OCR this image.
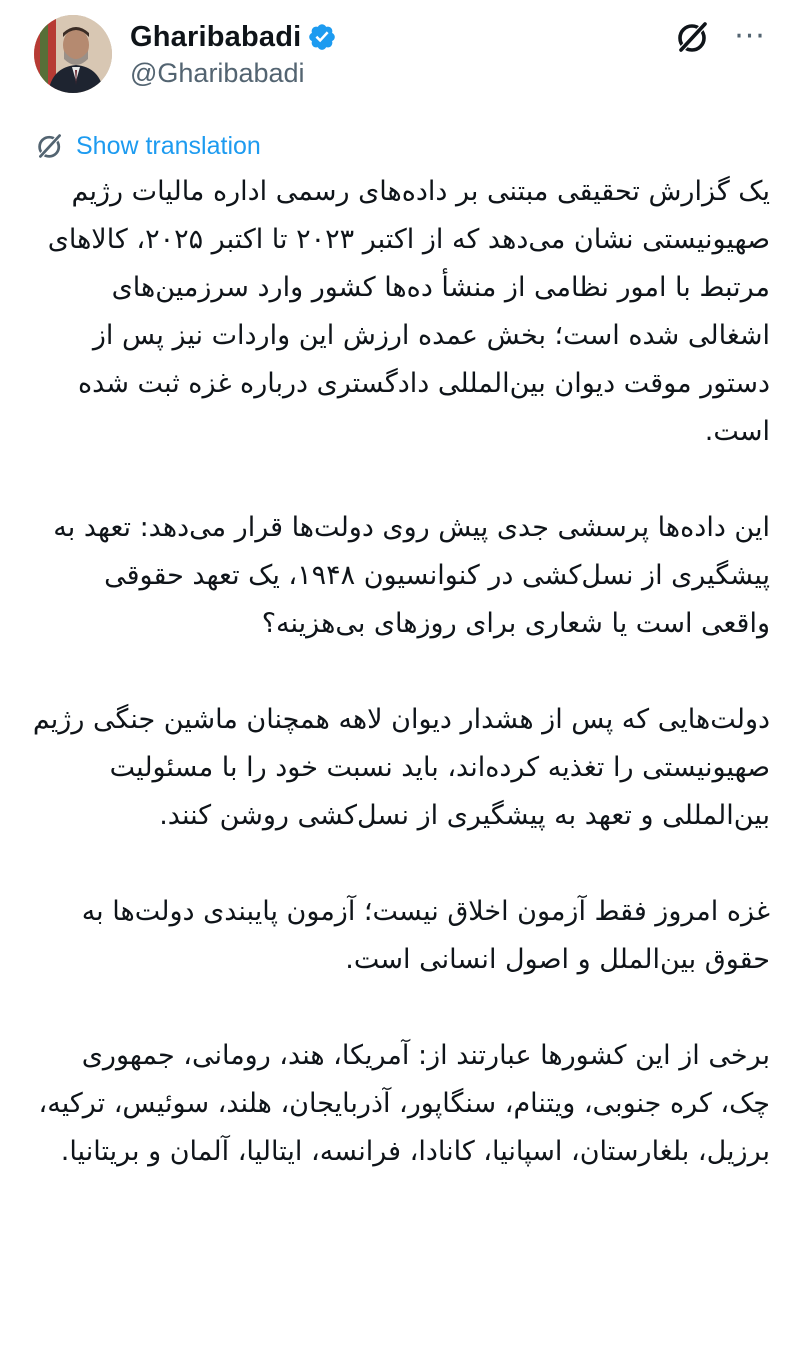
Gharibabadi
@Gharibabadi
···
Show translation

یک گزارش تحقیقی مبتنی بر داده‌های رسمی اداره مالیات رژیم صهیونیستی نشان می‌دهد که از اکتبر ۲۰۲۳ تا اکتبر ۲۰۲۵، کالاهای مرتبط با امور نظامی از منشأ ده‌ها کشور وارد سرزمین‌های اشغالی شده است؛ بخش عمده ارزش این واردات نیز پس از دستور موقت دیوان بین‌المللی دادگستری درباره غزه ثبت شده است.

این داده‌ها پرسشی جدی پیش روی دولت‌ها قرار می‌دهد: تعهد به پیشگیری از نسل‌کشی در کنوانسیون ۱۹۴۸، یک تعهد حقوقی واقعی است یا شعاری برای روزهای بی‌هزینه؟

دولت‌هایی که پس از هشدار دیوان لاهه همچنان ماشین جنگی رژیم صهیونیستی را تغذیه کرده‌اند، باید نسبت خود را با مسئولیت بین‌المللی و تعهد به پیشگیری از نسل‌کشی روشن کنند.

غزه امروز فقط آزمون اخلاق نیست؛ آزمون پایبندی دولت‌ها به حقوق بین‌الملل و اصول انسانی است.

برخی از این کشورها عبارتند از: آمریکا، هند، رومانی، جمهوری چک، کره جنوبی، ویتنام، سنگاپور، آذربایجان، هلند، سوئیس، ترکیه، برزیل، بلغارستان، اسپانیا، کانادا، فرانسه، ایتالیا، آلمان و بریتانیا.
